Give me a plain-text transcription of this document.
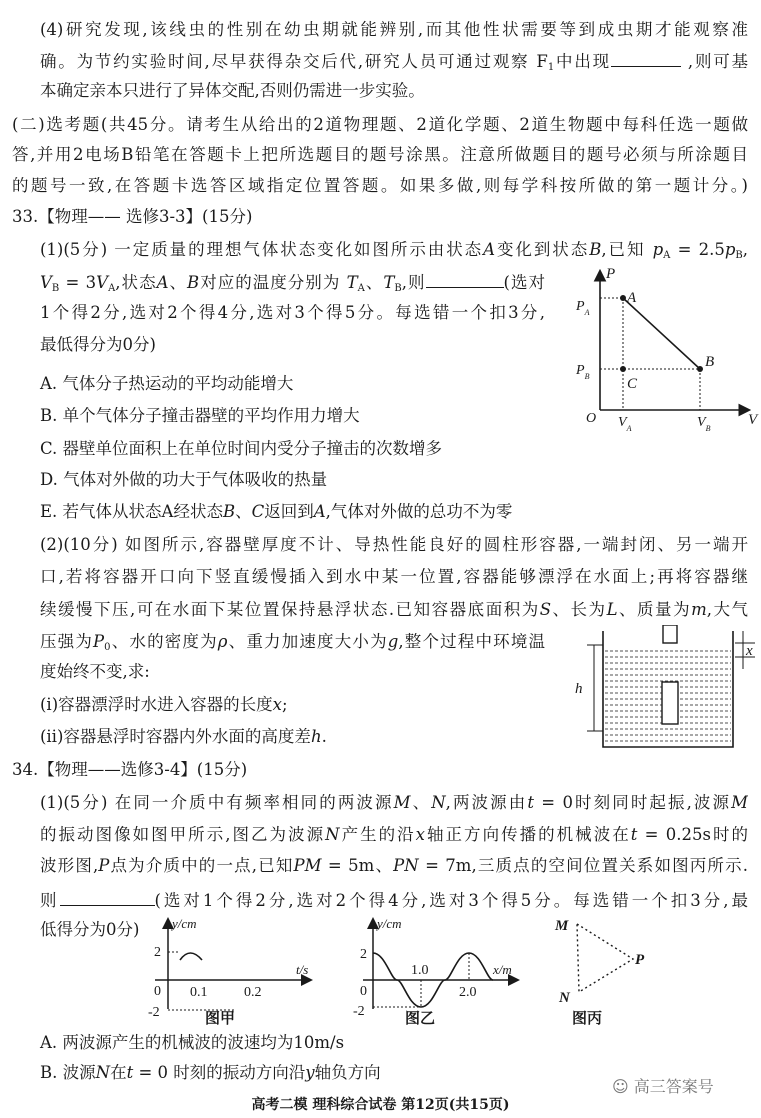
(4)研究发现,该线虫的性别在幼虫期就能辨别,而其他性状需要等到成虫期才能观察准
确。为节约实验时间,尽早获得杂交后代,研究人员可通过观察 $F_1$中出现	,则可基
本确定亲本只进行了异体交配,否则仍需进一步实验。
(二)选考题(共45分。请考生从给出的2道物理题、2道化学题、2道生物题中每科任选一题做
答,并用2电场B铅笔在答题卡上把所选题目的题号涂黑。注意所做题目的题号必须与所涂题目
的题号一致,在答题卡选答区域指定位置答题。如果多做,则每学科按所做的第一题计分。)
33.【物理—— 选修3-3】(15分)
(1)(5分) 一定质量的理想气体状态变化如图所示由状态A变化到状态B,已知 $p_A = 2.5p_B$,
$V_B = 3V_A$,状态A、B对应的温度分别为 $T_A$、$T_B$,则	(选对
1个得2分,选对2个得4分,选对3个得5分。每选错一个扣3分,
最低得分为0分)
A. 气体分子热运动的平均动能增大
B. 单个气体分子撞击器壁的平均作用力增大
C. 器壁单位面积上在单位时间内受分子撞击的次数增多
D. 气体对外做的功大于气体吸收的热量
E. 若气体从状态A经状态B、C返回到A,气体对外做的总功不为零
(2)(10分) 如图所示,容器壁厚度不计、导热性能良好的圆柱形容器,一端封闭、另一端开
口,若将容器开口向下竖直缓慢插入到水中某一位置,容器能够漂浮在水面上;再将容器继
续缓慢下压,可在水面下某位置保持悬浮状态.已知容器底面积为S、长为L、质量为m,大气
压强为$P_0$、水的密度为ρ、重力加速度大小为g,整个过程中环境温
度始终不变,求:
(ⅰ)容器漂浮时水进入容器的长度x;
(ⅱ)容器悬浮时容器内外水面的高度差h.
34.【物理——选修3-4】(15分)
(1)(5分) 在同一介质中有频率相同的两波源M、N,两波源由t = 0时刻同时起振,波源M
的振动图像如图甲所示,图乙为波源N产生的沿x轴正方向传播的机械波在t = 0.25s时的
波形图,P点为介质中的一点,已知PM = 5m、PN = 7m,三质点的空间位置关系如图丙所示.
则	(选对1个得2分,选对2个得4分,选对3个得5分。每选错一个扣3分,最
低得分为0分)
A. 两波源产生的机械波的波速均为10m/s
B. 波源N在t = 0 时刻的振动方向沿y轴负方向
P
V
O
A
B
C
$P_A$
$P_B$
$V_A$	$V_B$
h
x
y/cm
t/s
2
-2
0 0.1	0.2
图甲
y/cm
x/m
2
-2
0
1.0
2.0
图乙
M
P
N
图丙
☺ 高三答案号
高考二模 理科综合试卷 第12页(共15页)
